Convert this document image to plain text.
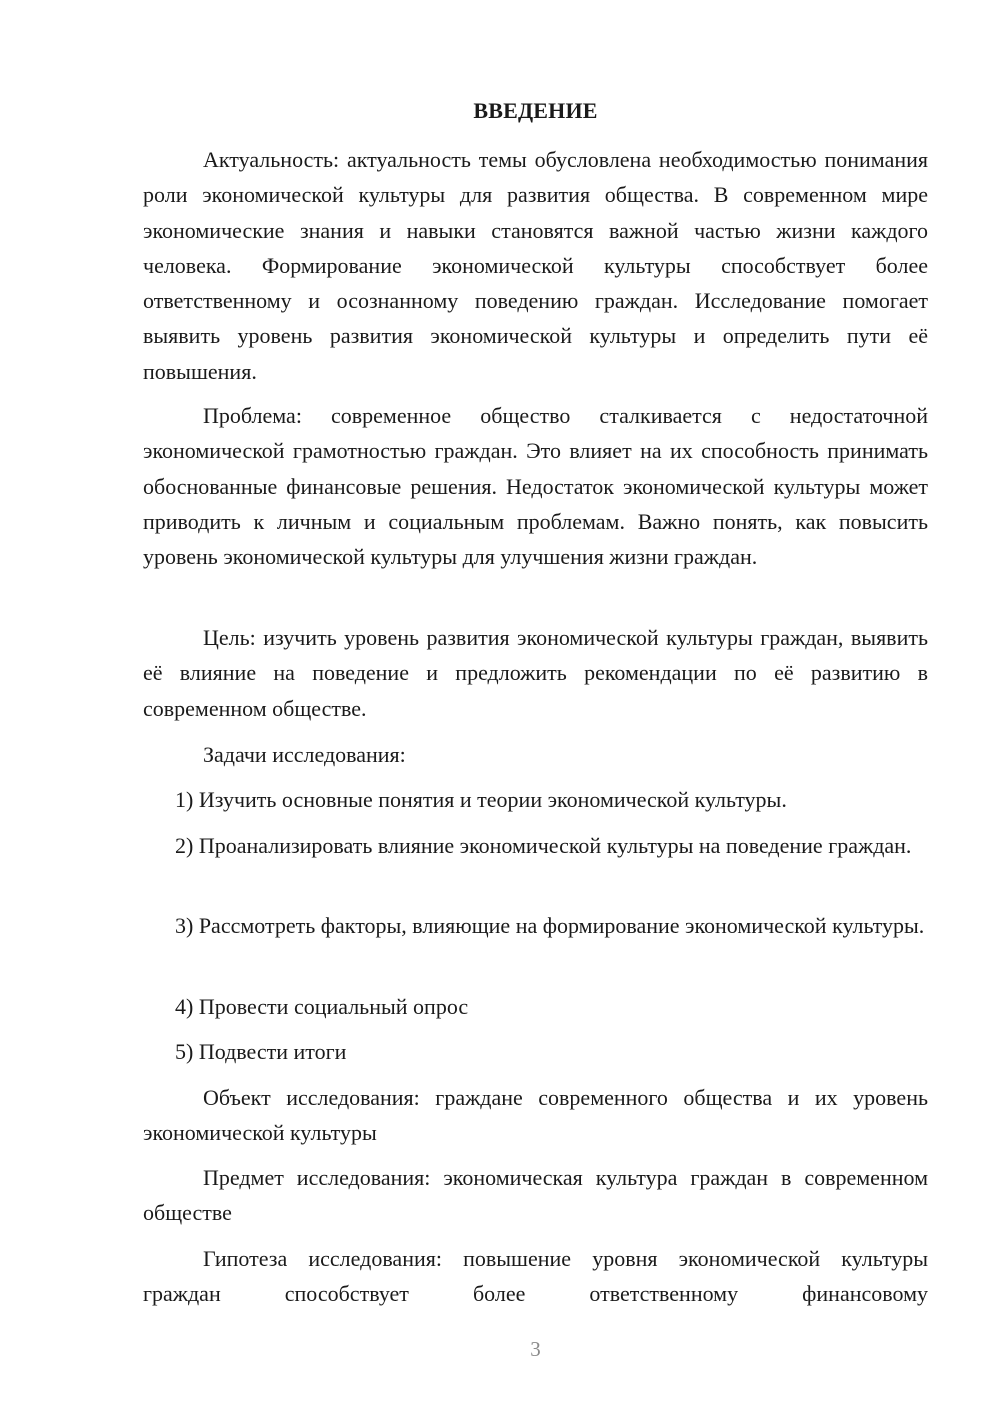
ВВЕДЕНИЕ

Актуальность: актуальность темы обусловлена необходимостью понимания роли экономической культуры для развития общества. В современном мире экономические знания и навыки становятся важной частью жизни каждого человека. Формирование экономической культуры способствует более ответственному и осознанному поведению граждан. Исследование помогает выявить уровень развития экономической культуры и определить пути её повышения.

Проблема: современное общество сталкивается с недостаточной экономической грамотностью граждан. Это влияет на их способность принимать обоснованные финансовые решения. Недостаток экономической культуры может приводить к личным и социальным проблемам. Важно понять, как повысить уровень экономической культуры для улучшения жизни граждан.

Цель: изучить уровень развития экономической культуры граждан, выявить её влияние на поведение и предложить рекомендации по её развитию в современном обществе.

Задачи исследования:

1) Изучить основные понятия и теории экономической культуры.

2) Проанализировать влияние экономической культуры на поведение граждан.

3) Рассмотреть факторы, влияющие на формирование экономической культуры.

4) Провести социальный опрос

5) Подвести итоги

Объект исследования: граждане современного общества и их уровень экономической культуры

Предмет исследования: экономическая культура граждан в современном обществе

Гипотеза исследования: повышение уровня экономической культуры граждан способствует более ответственному финансовому

3
